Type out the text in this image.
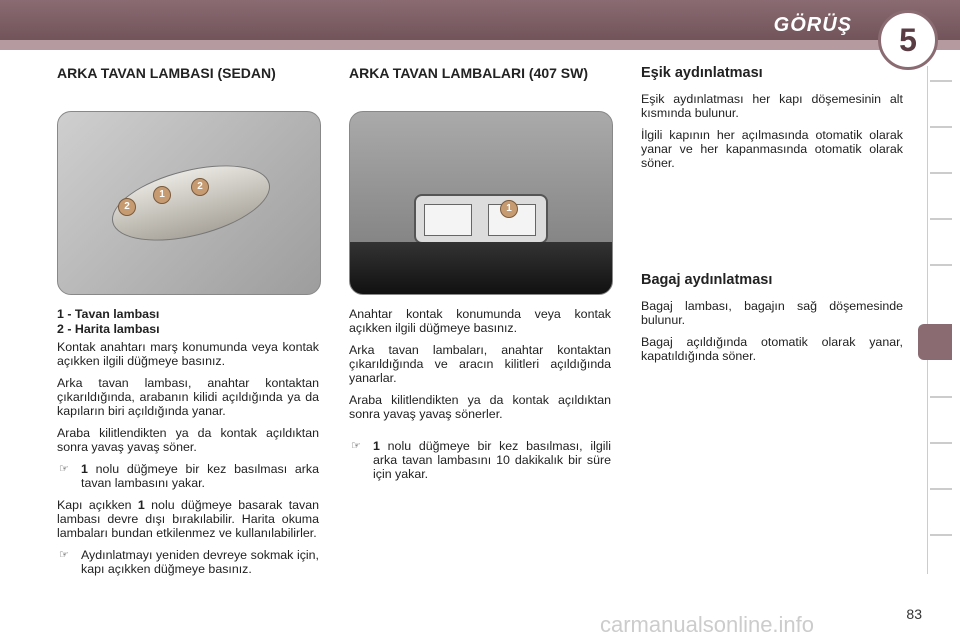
GÖRÜŞ 5
ARKA TAVAN LAMBASI (SEDAN)
1
2
2
1 - Tavan lambası
2 - Harita lambası

Kontak anahtarı marş konumunda veya kontak açıkken ilgili düğmeye basınız.

Arka tavan lambası, anahtar kontaktan çıkarıldığında, arabanın kilidi açıldığında ya da kapıların biri açıldığında yanar.

Araba kilitlendikten ya da kontak açıldıktan sonra yavaş yavaş söner.

☞ 1 nolu düğmeye bir kez basılması arka tavan lambasını yakar.

Kapı açıkken 1 nolu düğmeye basarak tavan lambası devre dışı bırakılabilir. Harita okuma lambaları bundan etkilenmez ve kullanılabilirler.

☞ Aydınlatmayı yeniden devreye sokmak için, kapı açıkken düğmeye basınız.
ARKA TAVAN LAMBALARI (407 SW)
1

Anahtar kontak konumunda veya kontak açıkken ilgili düğmeye basınız.

Arka tavan lambaları, anahtar kontaktan çıkarıldığında ve aracın kilitleri açıldığında yanarlar.

Araba kilitlendikten ya da kontak açıldıktan sonra yavaş yavaş sönerler.

☞ 1 nolu düğmeye bir kez basılması, ilgili arka tavan lambasını 10 dakikalık bir süre için yakar.
Eşik aydınlatması

Eşik aydınlatması her kapı döşemesinin alt kısmında bulunur.

İlgili kapının her açılmasında otomatik olarak yanar ve her kapanmasında otomatik olarak söner.

Bagaj aydınlatması

Bagaj lambası, bagajın sağ döşemesinde bulunur.

Bagaj açıldığında otomatik olarak yanar, kapatıldığında söner.

83
carmanualsonline.info
